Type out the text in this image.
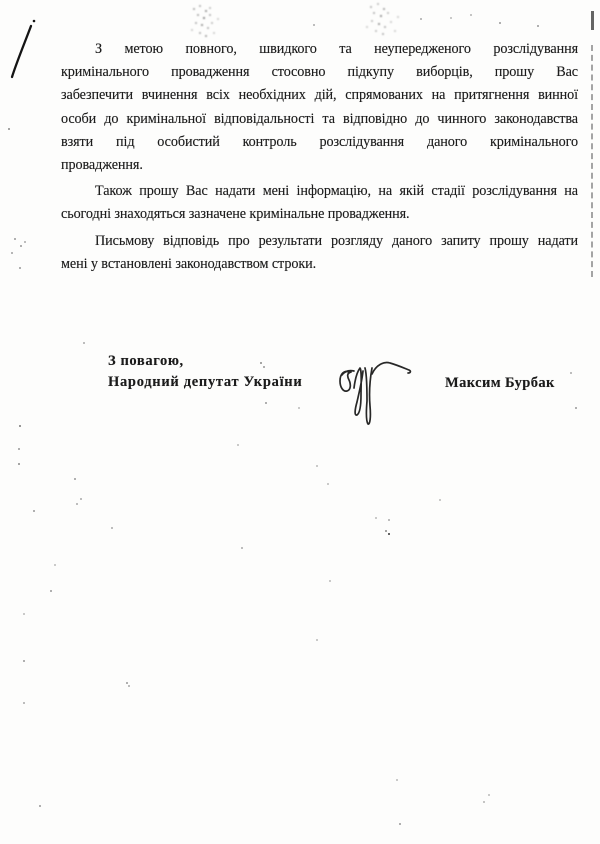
З метою повного, швидкого та неупередженого розслідування
кримінального провадження стосовно підкупу виборців, прошу Вас
забезпечити вчинення всіх необхідних дій, спрямованих на притягнення винної
особи до кримінальної відповідальності та відповідно до чинного законодавства
взяти під особистий контроль розслідування даного кримінального
провадження.

Також прошу Вас надати мені інформацію, на якій стадії розслідування на
сьогодні знаходяться зазначене кримінальне провадження.

Письмову відповідь про результати розгляду даного запиту прошу надати
мені у встановлені законодавством строки.

З повагою,
Народний депутат України	Максим Бурбак
